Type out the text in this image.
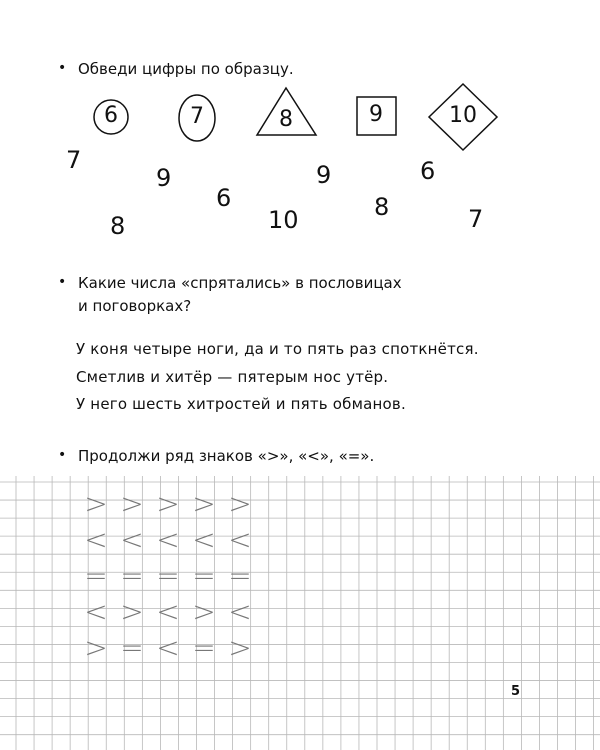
• Обведи цифры по образцу.
6	7	8	9	10
7
9
6
10
9
8
6
7
8
• Какие числа «спрятались» в пословицах
и поговорках?
У коня четыре ноги, да и то пять раз споткнётся.
Сметлив и хитёр — пятерым нос утёр.
У него шесть хитростей и пять обманов.
• Продолжи ряд знаков «>», «<», «=».
> > > > >
< < < < <
= = = = =
< > < > <
> = < = >
5
